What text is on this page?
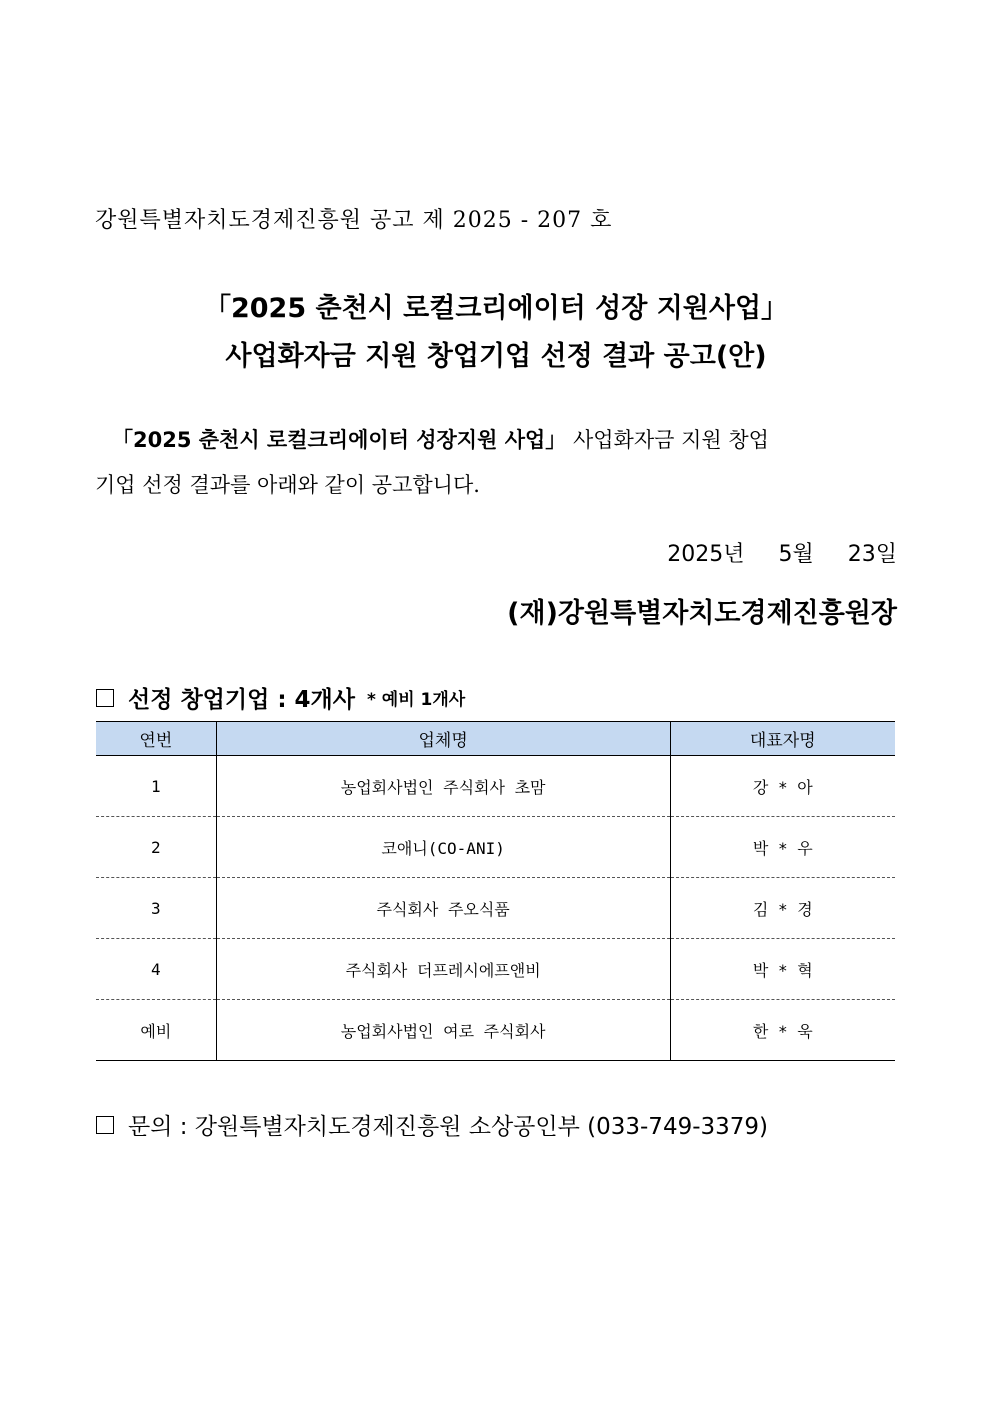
강원특별자치도경제진흥원 공고 제 2025 - 207 호
「2025 춘천시 로컬크리에이터 성장 지원사업」
사업화자금 지원 창업기업 선정 결과 공고(안)
「2025 춘천시 로컬크리에이터 성장지원 사업」 사업화자금 지원 창업
기업 선정 결과를 아래와 같이 공고합니다.
2025년 5월 23일
(재)강원특별자치도경제진흥원장
선정 창업기업 : 4개사 * 예비 1개사
연번	업체명	대표자명
1	농업회사법인 주식회사 초맘	강 * 아
2	코애니(CO-ANI)	박 * 우
3	주식회사 주오식품	김 * 경
4	주식회사 더프레시에프앤비	박 * 혁
예비	농업회사법인 여로 주식회사	한 * 욱
문의 : 강원특별자치도경제진흥원 소상공인부 (033-749-3379)
